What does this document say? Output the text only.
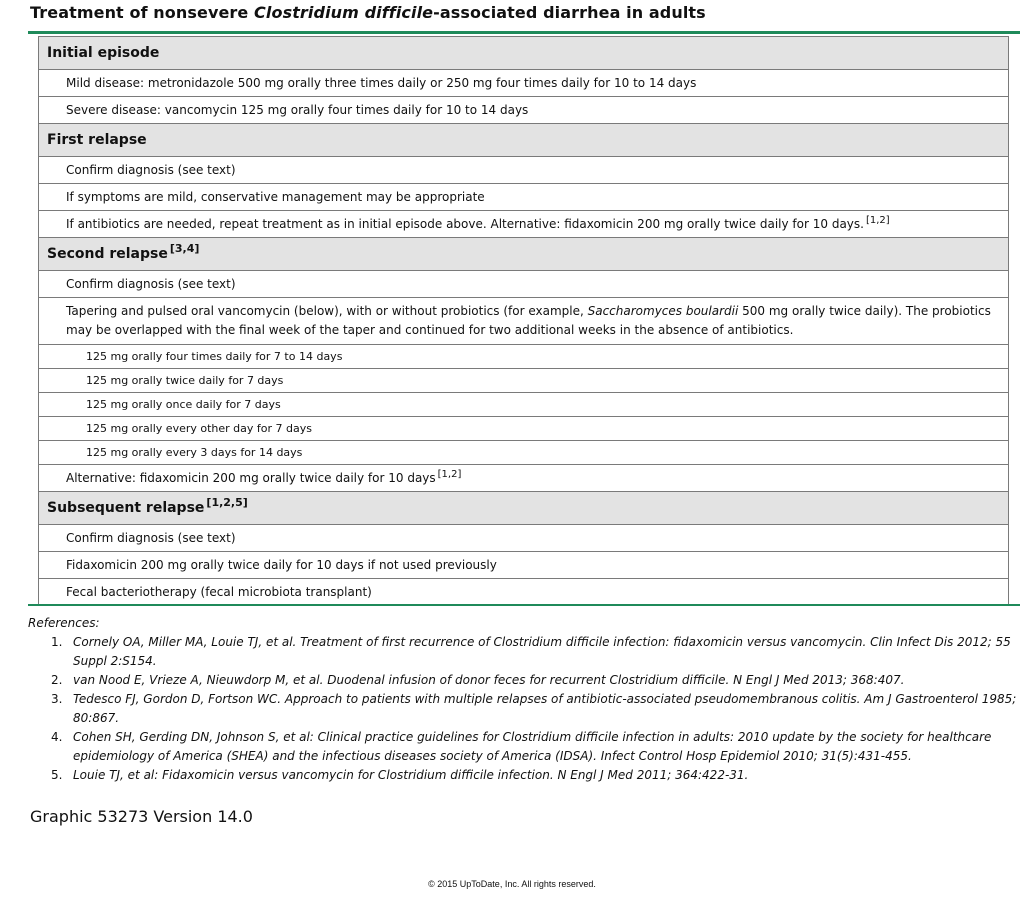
Treatment of nonsevere Clostridium difficile-associated diarrhea in adults
Initial episode
Mild disease: metronidazole 500 mg orally three times daily or 250 mg four times daily for 10 to 14 days
Severe disease: vancomycin 125 mg orally four times daily for 10 to 14 days
First relapse
Confirm diagnosis (see text)
If symptoms are mild, conservative management may be appropriate
If antibiotics are needed, repeat treatment as in initial episode above. Alternative: fidaxomicin 200 mg orally twice daily for 10 days. [1,2]
Second relapse [3,4]
Confirm diagnosis (see text)
Tapering and pulsed oral vancomycin (below), with or without probiotics (for example, Saccharomyces boulardii 500 mg orally twice daily). The probiotics may be overlapped with the final week of the taper and continued for two additional weeks in the absence of antibiotics.
125 mg orally four times daily for 7 to 14 days
125 mg orally twice daily for 7 days
125 mg orally once daily for 7 days
125 mg orally every other day for 7 days
125 mg orally every 3 days for 14 days
Alternative: fidaxomicin 200 mg orally twice daily for 10 days [1,2]
Subsequent relapse [1,2,5]
Confirm diagnosis (see text)
Fidaxomicin 200 mg orally twice daily for 10 days if not used previously
Fecal bacteriotherapy (fecal microbiota transplant)
References:
1. Cornely OA, Miller MA, Louie TJ, et al. Treatment of first recurrence of Clostridium difficile infection: fidaxomicin versus vancomycin. Clin Infect Dis 2012; 55 Suppl 2:S154.
2. van Nood E, Vrieze A, Nieuwdorp M, et al. Duodenal infusion of donor feces for recurrent Clostridium difficile. N Engl J Med 2013; 368:407.
3. Tedesco FJ, Gordon D, Fortson WC. Approach to patients with multiple relapses of antibiotic-associated pseudomembranous colitis. Am J Gastroenterol 1985; 80:867.
4. Cohen SH, Gerding DN, Johnson S, et al: Clinical practice guidelines for Clostridium difficile infection in adults: 2010 update by the society for healthcare epidemiology of America (SHEA) and the infectious diseases society of America (IDSA). Infect Control Hosp Epidemiol 2010; 31(5):431-455.
5. Louie TJ, et al: Fidaxomicin versus vancomycin for Clostridium difficile infection. N Engl J Med 2011; 364:422-31.
Graphic 53273 Version 14.0
© 2015 UpToDate, Inc. All rights reserved.
